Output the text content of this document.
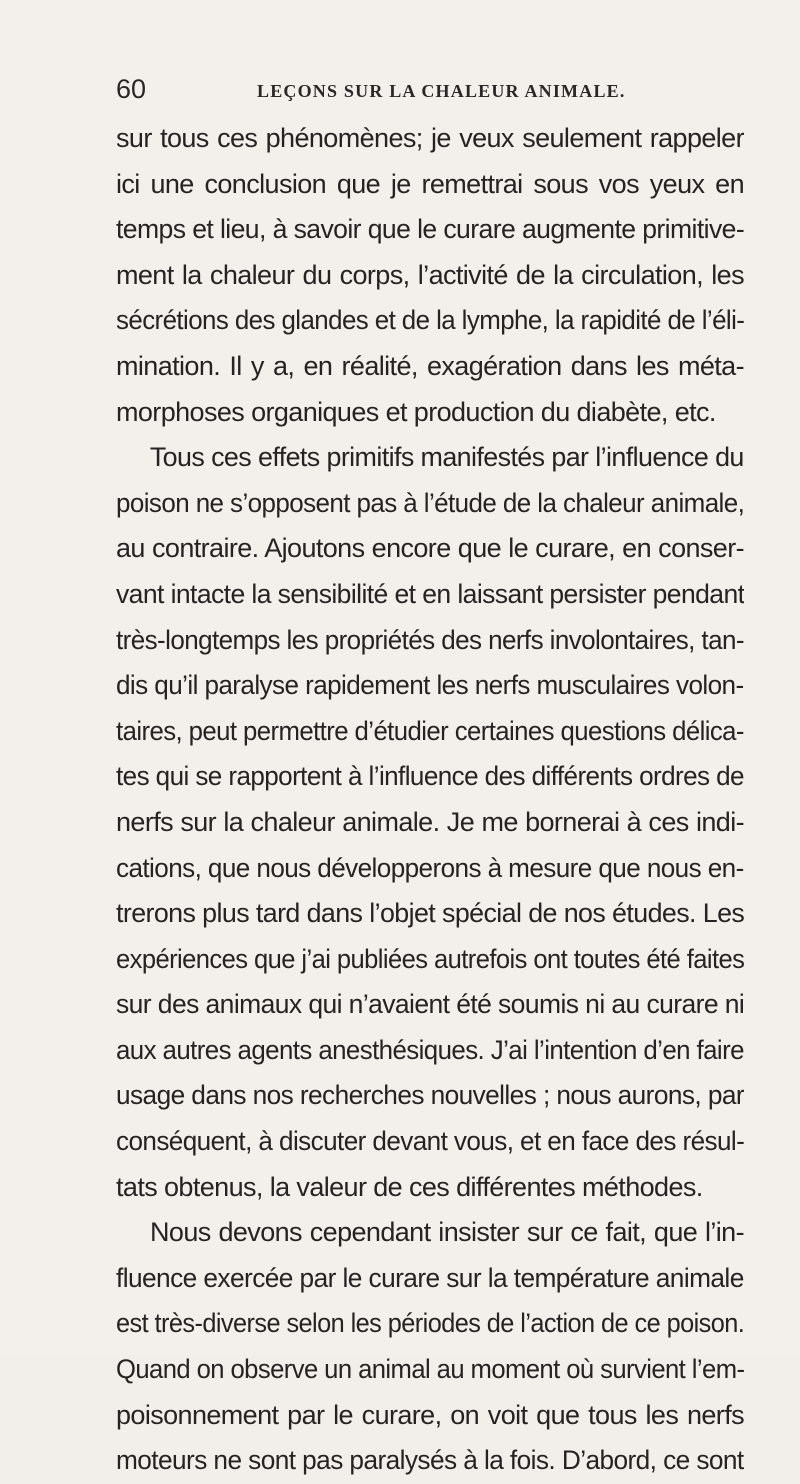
60	LEÇONS SUR LA CHALEUR ANIMALE.
sur tous ces phénomènes; je veux seulement rappeler
ici une conclusion que je remettrai sous vos yeux en
temps et lieu, à savoir que le curare augmente primitive-
ment la chaleur du corps, l’activité de la circulation, les
sécrétions des glandes et de la lymphe, la rapidité de l’éli-
mination. Il y a, en réalité, exagération dans les méta-
morphoses organiques et production du diabète, etc.
Tous ces effets primitifs manifestés par l’influence du
poison ne s’opposent pas à l’étude de la chaleur animale,
au contraire. Ajoutons encore que le curare, en conser-
vant intacte la sensibilité et en laissant persister pendant
très-longtemps les propriétés des nerfs involontaires, tan-
dis qu’il paralyse rapidement les nerfs musculaires volon-
taires, peut permettre d’étudier certaines questions délica-
tes qui se rapportent à l’influence des différents ordres de
nerfs sur la chaleur animale. Je me bornerai à ces indi-
cations, que nous développerons à mesure que nous en-
trerons plus tard dans l’objet spécial de nos études. Les
expériences que j’ai publiées autrefois ont toutes été faites
sur des animaux qui n’avaient été soumis ni au curare ni
aux autres agents anesthésiques. J’ai l’intention d’en faire
usage dans nos recherches nouvelles ; nous aurons, par
conséquent, à discuter devant vous, et en face des résul-
tats obtenus, la valeur de ces différentes méthodes.
Nous devons cependant insister sur ce fait, que l’in-
fluence exercée par le curare sur la température animale
est très-diverse selon les périodes de l’action de ce poison.
Quand on observe un animal au moment où survient l’em-
poisonnement par le curare, on voit que tous les nerfs
moteurs ne sont pas paralysés à la fois. D’abord, ce sont
